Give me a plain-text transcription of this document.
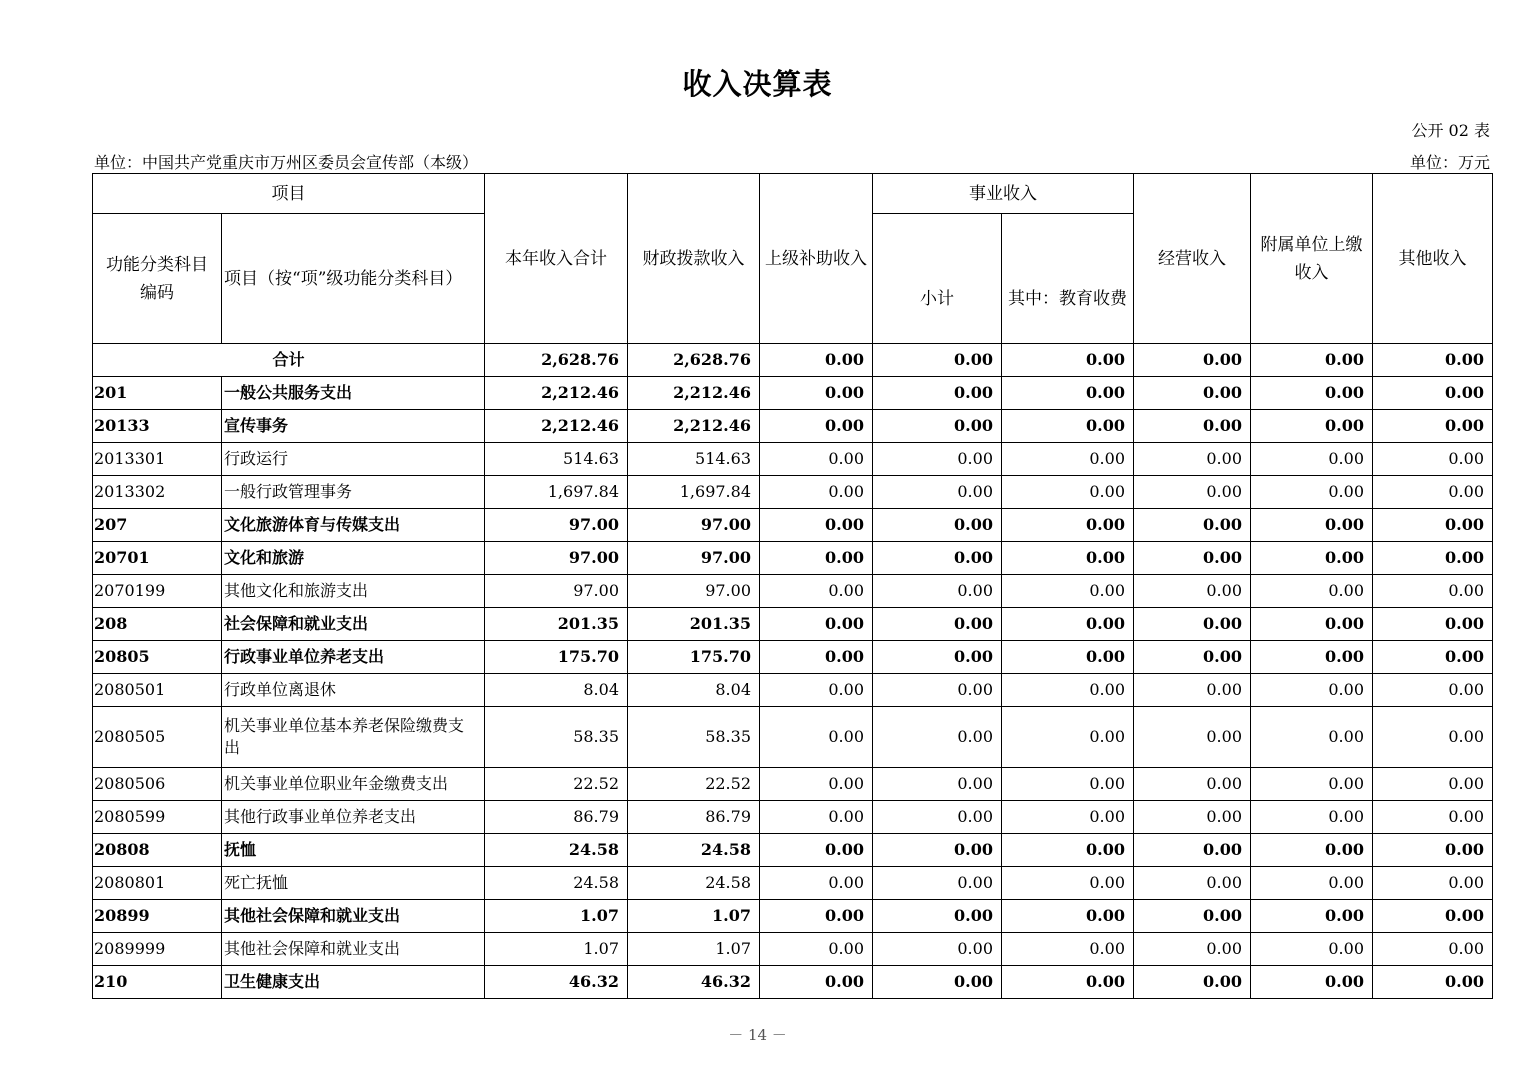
收入决算表
公开 02 表
单位：中国共产党重庆市万州区委员会宣传部（本级）	单位：万元
项目		本年收入合计	财政拨款收入	上级补助收入	事业收入		经营收入	附属单位上缴收入	其他收入
功能分类科目编码	项目（按“项”级功能分类科目）				小计	其中：教育收费			
合计		2,628.76	2,628.76	0.00	0.00	0.00	0.00	0.00	0.00
201	一般公共服务支出	2,212.46	2,212.46	0.00	0.00	0.00	0.00	0.00	0.00
20133	宣传事务	2,212.46	2,212.46	0.00	0.00	0.00	0.00	0.00	0.00
2013301	行政运行	514.63	514.63	0.00	0.00	0.00	0.00	0.00	0.00
2013302	一般行政管理事务	1,697.84	1,697.84	0.00	0.00	0.00	0.00	0.00	0.00
207	文化旅游体育与传媒支出	97.00	97.00	0.00	0.00	0.00	0.00	0.00	0.00
20701	文化和旅游	97.00	97.00	0.00	0.00	0.00	0.00	0.00	0.00
2070199	其他文化和旅游支出	97.00	97.00	0.00	0.00	0.00	0.00	0.00	0.00
208	社会保障和就业支出	201.35	201.35	0.00	0.00	0.00	0.00	0.00	0.00
20805	行政事业单位养老支出	175.70	175.70	0.00	0.00	0.00	0.00	0.00	0.00
2080501	行政单位离退休	8.04	8.04	0.00	0.00	0.00	0.00	0.00	0.00
2080505	机关事业单位基本养老保险缴费支出	58.35	58.35	0.00	0.00	0.00	0.00	0.00	0.00
2080506	机关事业单位职业年金缴费支出	22.52	22.52	0.00	0.00	0.00	0.00	0.00	0.00
2080599	其他行政事业单位养老支出	86.79	86.79	0.00	0.00	0.00	0.00	0.00	0.00
20808	抚恤	24.58	24.58	0.00	0.00	0.00	0.00	0.00	0.00
2080801	死亡抚恤	24.58	24.58	0.00	0.00	0.00	0.00	0.00	0.00
20899	其他社会保障和就业支出	1.07	1.07	0.00	0.00	0.00	0.00	0.00	0.00
2089999	其他社会保障和就业支出	1.07	1.07	0.00	0.00	0.00	0.00	0.00	0.00
210	卫生健康支出	46.32	46.32	0.00	0.00	0.00	0.00	0.00	0.00
－ 14 －
